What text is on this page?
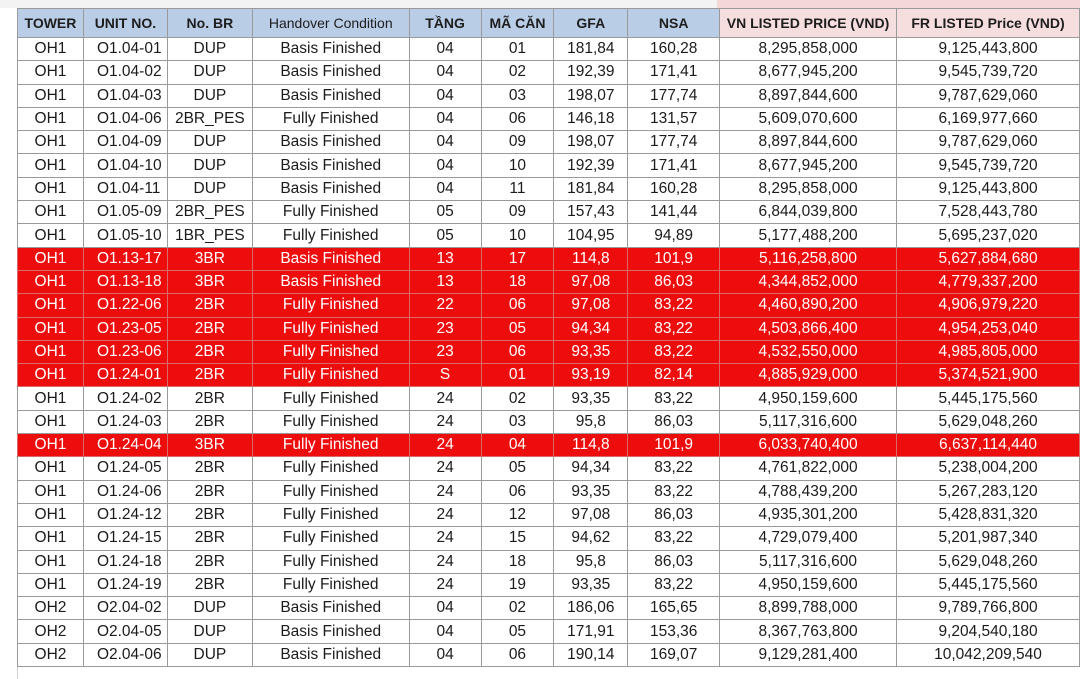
TOWER	UNIT NO.	No. BR	Handover Condition	TẦNG	MÃ CĂN	GFA	NSA	VN LISTED PRICE (VND)	FR LISTED Price (VND)
OH1	O1.04-01	DUP	Basis Finished	04	01	181,84	160,28	8,295,858,000	9,125,443,800
OH1	O1.04-02	DUP	Basis Finished	04	02	192,39	171,41	8,677,945,200	9,545,739,720
OH1	O1.04-03	DUP	Basis Finished	04	03	198,07	177,74	8,897,844,600	9,787,629,060
OH1	O1.04-06	2BR_PES	Fully Finished	04	06	146,18	131,57	5,609,070,600	6,169,977,660
OH1	O1.04-09	DUP	Basis Finished	04	09	198,07	177,74	8,897,844,600	9,787,629,060
OH1	O1.04-10	DUP	Basis Finished	04	10	192,39	171,41	8,677,945,200	9,545,739,720
OH1	O1.04-11	DUP	Basis Finished	04	11	181,84	160,28	8,295,858,000	9,125,443,800
OH1	O1.05-09	2BR_PES	Fully Finished	05	09	157,43	141,44	6,844,039,800	7,528,443,780
OH1	O1.05-10	1BR_PES	Fully Finished	05	10	104,95	94,89	5,177,488,200	5,695,237,020
OH1	O1.13-17	3BR	Basis Finished	13	17	114,8	101,9	5,116,258,800	5,627,884,680
OH1	O1.13-18	3BR	Basis Finished	13	18	97,08	86,03	4,344,852,000	4,779,337,200
OH1	O1.22-06	2BR	Fully Finished	22	06	97,08	83,22	4,460,890,200	4,906,979,220
OH1	O1.23-05	2BR	Fully Finished	23	05	94,34	83,22	4,503,866,400	4,954,253,040
OH1	O1.23-06	2BR	Fully Finished	23	06	93,35	83,22	4,532,550,000	4,985,805,000
OH1	O1.24-01	2BR	Fully Finished	S	01	93,19	82,14	4,885,929,000	5,374,521,900
OH1	O1.24-02	2BR	Fully Finished	24	02	93,35	83,22	4,950,159,600	5,445,175,560
OH1	O1.24-03	2BR	Fully Finished	24	03	95,8	86,03	5,117,316,600	5,629,048,260
OH1	O1.24-04	3BR	Fully Finished	24	04	114,8	101,9	6,033,740,400	6,637,114,440
OH1	O1.24-05	2BR	Fully Finished	24	05	94,34	83,22	4,761,822,000	5,238,004,200
OH1	O1.24-06	2BR	Fully Finished	24	06	93,35	83,22	4,788,439,200	5,267,283,120
OH1	O1.24-12	2BR	Fully Finished	24	12	97,08	86,03	4,935,301,200	5,428,831,320
OH1	O1.24-15	2BR	Fully Finished	24	15	94,62	83,22	4,729,079,400	5,201,987,340
OH1	O1.24-18	2BR	Fully Finished	24	18	95,8	86,03	5,117,316,600	5,629,048,260
OH1	O1.24-19	2BR	Fully Finished	24	19	93,35	83,22	4,950,159,600	5,445,175,560
OH2	O2.04-02	DUP	Basis Finished	04	02	186,06	165,65	8,899,788,000	9,789,766,800
OH2	O2.04-05	DUP	Basis Finished	04	05	171,91	153,36	8,367,763,800	9,204,540,180
OH2	O2.04-06	DUP	Basis Finished	04	06	190,14	169,07	9,129,281,400	10,042,209,540
